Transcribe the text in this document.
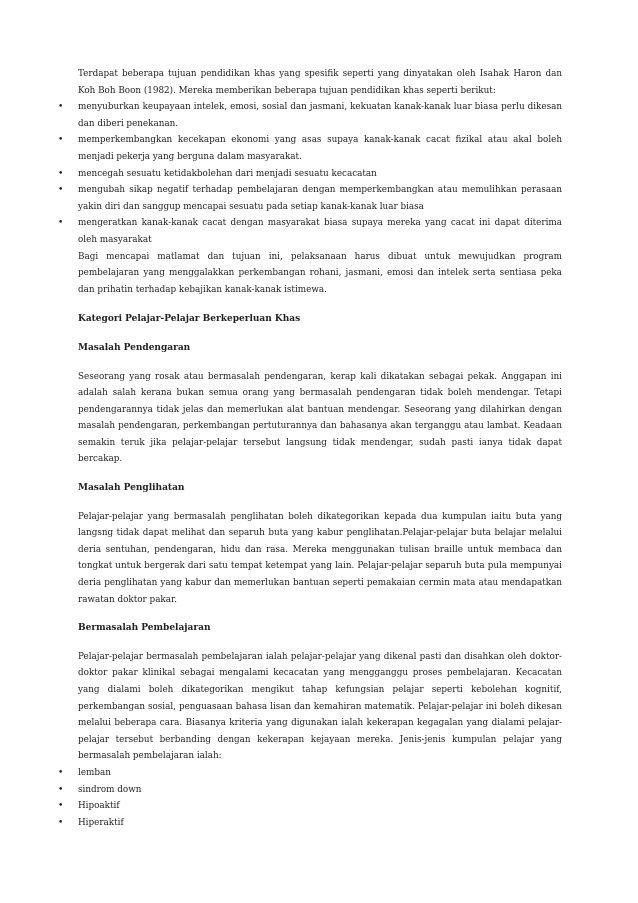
Terdapat beberapa tujuan pendidikan khas yang spesifik seperti yang dinyatakan oleh Isahak Haron dan Koh Boh Boon (1982). Mereka memberikan beberapa tujuan pendidikan khas seperti berikut:

• menyuburkan keupayaan intelek, emosi, sosial dan jasmani, kekuatan kanak-kanak luar biasa perlu dikesan dan diberi penekanan.
• memperkembangkan kecekapan ekonomi yang asas supaya kanak-kanak cacat fizikal atau akal boleh menjadi pekerja yang berguna dalam masyarakat.
• mencegah sesuatu ketidakbolehan dari menjadi sesuatu kecacatan
• mengubah sikap negatif terhadap pembelajaran dengan memperkembangkan atau memulihkan perasaan yakin diri dan sanggup mencapai sesuatu pada setiap kanak-kanak luar biasa
• mengeratkan kanak-kanak cacat dengan masyarakat biasa supaya mereka yang cacat ini dapat diterima oleh masyarakat

Bagi mencapai matlamat dan tujuan ini, pelaksanaan harus dibuat untuk mewujudkan program pembelajaran yang menggalakkan perkembangan rohani, jasmani, emosi dan intelek serta sentiasa peka dan prihatin terhadap kebajikan kanak-kanak istimewa.

Kategori Pelajar-Pelajar Berkeperluan Khas
Masalah Pendengaran

Seseorang yang rosak atau bermasalah pendengaran, kerap kali dikatakan sebagai pekak. Anggapan ini adalah salah kerana bukan semua orang yang bermasalah pendengaran tidak boleh mendengar. Tetapi pendengarannya tidak jelas dan memerlukan alat bantuan mendengar. Seseorang yang dilahirkan dengan masalah pendengaran, perkembangan pertuturannya dan bahasanya akan terganggu atau lambat. Keadaan semakin teruk jika pelajar-pelajar tersebut langsung tidak mendengar, sudah pasti ianya tidak dapat bercakap.

Masalah Penglihatan

Pelajar-pelajar yang bermasalah penglihatan boleh dikategorikan kepada dua kumpulan iaitu buta yang langsng tidak dapat melihat dan separuh buta yang kabur penglihatan.Pelajar-pelajar buta belajar melalui deria sentuhan, pendengaran, hidu dan rasa. Mereka menggunakan tulisan braille untuk membaca dan tongkat untuk bergerak dari satu tempat ketempat yang lain. Pelajar-pelajar separuh buta pula mempunyai deria penglihatan yang kabur dan memerlukan bantuan seperti pemakaian cermin mata atau mendapatkan rawatan doktor pakar.

Bermasalah Pembelajaran

Pelajar-pelajar bermasalah pembelajaran ialah pelajar-pelajar yang dikenal pasti dan disahkan oleh doktor-doktor pakar klinikal sebagai mengalami kecacatan yang mengganggu proses pembelajaran. Kecacatan yang dialami boleh dikategorikan mengikut tahap kefungsian pelajar seperti kebolehan kognitif, perkembangan sosial, penguasaan bahasa lisan dan kemahiran matematik. Pelajar-pelajar ini boleh dikesan melalui beberapa cara. Biasanya kriteria yang digunakan ialah kekerapan kegagalan yang dialami pelajar-pelajar tersebut berbanding dengan kekerapan kejayaan mereka. Jenis-jenis kumpulan pelajar yang bermasalah pembelajaran ialah:

• lemban
• sindrom down
• Hipoaktif
• Hiperaktif
